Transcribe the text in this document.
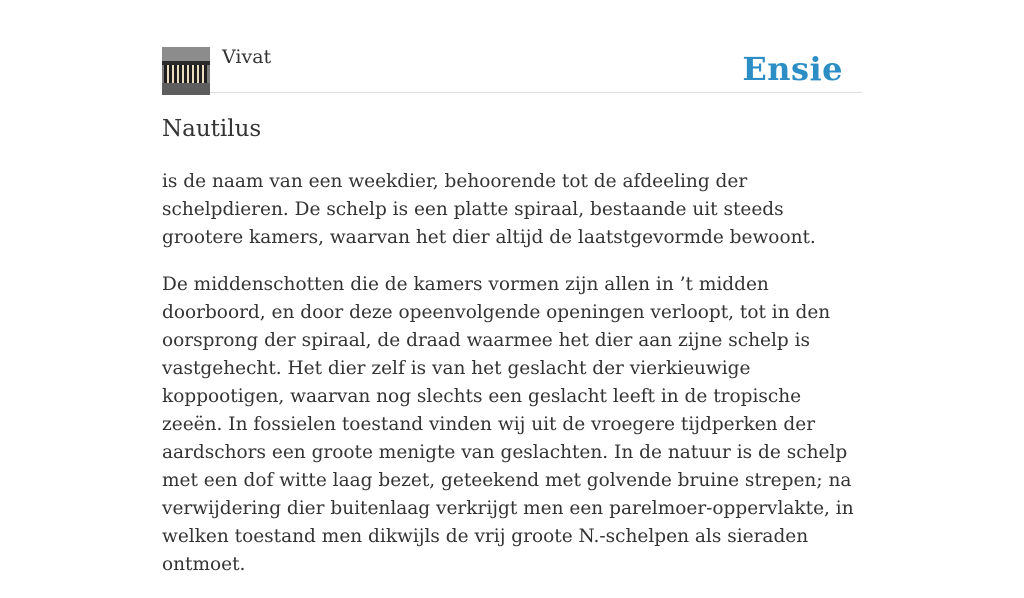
Vivat	Ensie
Nautilus

is de naam van een weekdier, behoorende tot de afdeeling der schelpdieren. De schelp is een platte spiraal, bestaande uit steeds grootere kamers, waarvan het dier altijd de laatstgevormde bewoont.

De middenschotten die de kamers vormen zijn allen in ’t midden doorboord, en door deze opeenvolgende openingen verloopt, tot in den oorsprong der spiraal, de draad waarmee het dier aan zijne schelp is vastgehecht. Het dier zelf is van het geslacht der vierkieuwige koppootigen, waarvan nog slechts een geslacht leeft in de tropische zeeën. In fossielen toestand vinden wij uit de vroegere tijdperken der aardschors een groote menigte van geslachten. In de natuur is de schelp met een dof witte laag bezet, geteekend met golvende bruine strepen; na verwijdering dier buitenlaag verkrijgt men een parelmoer-oppervlakte, in welken toestand men dikwijls de vrij groote N.-schelpen als sieraden ontmoet.
